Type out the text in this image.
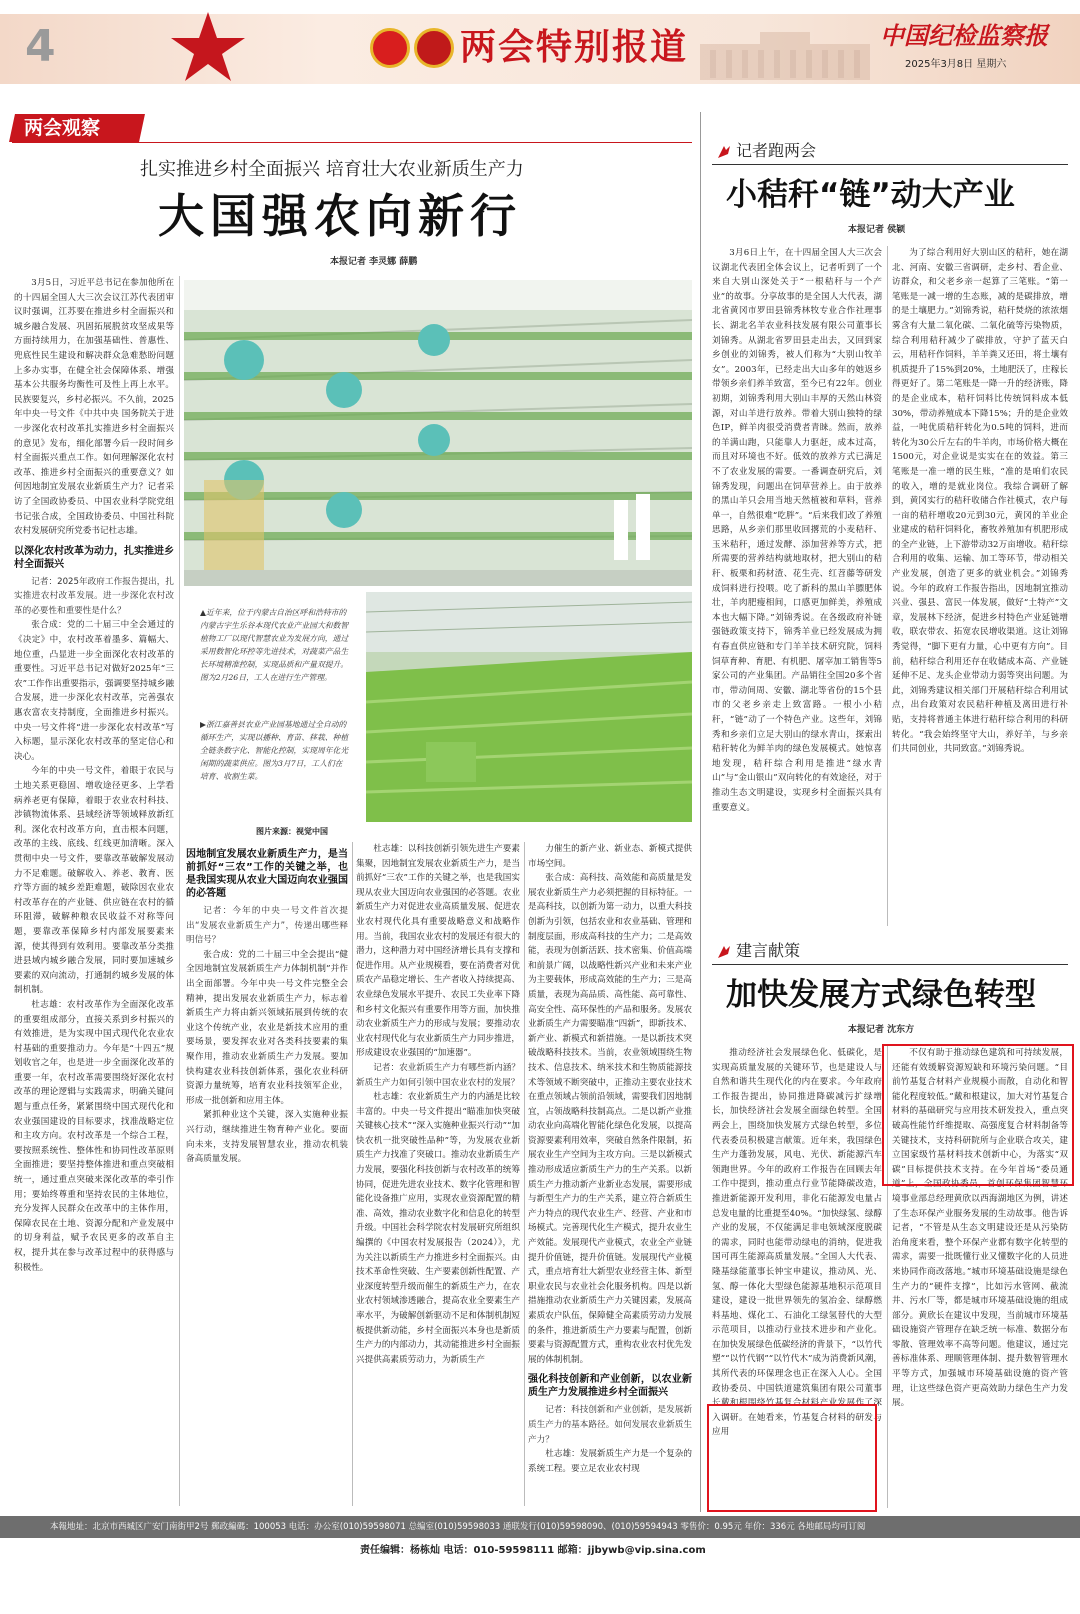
4	两会特别报道	中国纪检监察报
2025年3月8日 星期六
两会观察
扎实推进乡村全面振兴 培育壮大农业新质生产力
大国强农向新行
本报记者 李灵娜 薛鹏

3月5日，习近平总书记在参加他所在的十四届全国人大三次会议江苏代表团审议时强调，江苏要在推进乡村全面振兴和城乡融合发展、巩固拓展脱贫攻坚成果等方面持续用力，在加强基础性、普惠性、兜底性民生建设和解决群众急难愁盼问题上多办实事，在健全社会保障体系、增强基本公共服务均衡性可及性上再上水平。民族要复兴，乡村必振兴。不久前，2025年中央一号文件《中共中央 国务院关于进一步深化农村改革扎实推进乡村全面振兴的意见》发布，细化部署今后一段时间乡村全面振兴重点工作。如何理解深化农村改革、推进乡村全面振兴的重要意义？如何因地制宜发展农业新质生产力？记者采访了全国政协委员、中国农业科学院党组书记张合成，全国政协委员、中国社科院农村发展研究所党委书记杜志雄。

以深化农村改革为动力，扎实推进乡村全面振兴

记者：2025年政府工作报告提出，扎实推进农村改革发展。进一步深化农村改革的必要性和重要性是什么？

张合成：党的二十届三中全会通过的《决定》中，农村改革着墨多、篇幅大、地位重，凸显进一步全面深化农村改革的重要性。习近平总书记对做好2025年“三农”工作作出重要指示，强调要坚持城乡融合发展，进一步深化农村改革，完善强农惠农富农支持制度，全面推进乡村振兴。中央一号文件将“进一步深化农村改革”写入标题，显示深化农村改革的坚定信心和决心。

今年的中央一号文件，着眼于农民与土地关系更稳固、增收途径更多、上学看病养老更有保障，着眼于农业农村科技、涉镇物流体系、县域经济等领域释放新红利。深化农村改革方向，直击根本问题，改革的主线、底线、红线更加清晰。深入贯彻中央一号文件，要靠改革破解发展动力不足难题。破解收入、养老、教育、医疗等方面的城乡差距难题，破除因农业农村改革存在的产业链、供应链在农村的循环阻滞，破解种粮农民收益不对称等问题，要靠改革保障乡村内部发展要素来源，使其得到有效利用。要靠改革分类推进县域内城乡融合发展，同时要加速城乡要素的双向流动，打通制约城乡发展的体制机制。

杜志雄：农村改革作为全面深化改革的重要组成部分，直接关系到乡村振兴的有效推进，是为实现中国式现代化农业农村基础的重要推动力。今年是“十四五”规划收官之年，也是进一步全面深化改革的重要一年，农村改革需要围绕好深化农村改革的理论逻辑与实践需求，明确关键问题与重点任务，紧紧围绕中国式现代化和农业强国建设的目标要求，找准战略定位和主攻方向。农村改革是一个综合工程，要按照系统性、整体性和协同性改革原则全面推进；要坚持整体推进和重点突破相统一，通过重点突破来深化改革的牵引作用；要始终尊重和坚持农民的主体地位，充分发挥人民群众在改革中的主体作用，保障农民在土地、资源分配和产业发展中的切身利益，赋予农民更多的改革自主权，提升其在参与改革过程中的获得感与积极性。

▲近年来，位于内蒙古自治区呼和浩特市的内蒙古宇生乐谷本现代农业产业园大和数智植物工厂以现代智慧农业为发展方向，通过采用数智化环控等先进技术，对蔬菜产品生长环境精准控制，实现品质和产量双提升。图为2月26日，工人在进行生产管理。
▶浙江嘉善县农业产业园基地通过全自动的循环生产，实现以播种、育苗、移栽、种植全链条数字化、智能化控制，实现周年化光闲期的蔬菜供应。图为3月7日，工人们在培育、收割生菜。
图片来源：视觉中国
因地制宜发展农业新质生产力，是当前抓好“三农”工作的关键之举，也是我国实现从农业大国迈向农业强国的必答题

记者：今年的中央一号文件首次提出“发展农业新质生产力”，传递出哪些释明信号？

张合成：党的二十届三中全会提出“健全因地制宜发展新质生产力体制机制”并作出全面部署。今年中央一号文件完整全会精神，提出发展农业新质生产力，标志着新质生产力将由新兴领域拓展到传统的农业这个传统产业，农业是新技术应用的重要场景，要发挥农业对各类科技要素的集聚作用，推动农业新质生产力发展。要加快构建农业科技创新体系，强化农业科研资源力量统筹，培育农业科技领军企业，形成一批创新和应用主体。

紧抓种业这个关键，深入实施种业振兴行动，继续推进生物育种产业化。要面向未来，支持发展智慧农业，推动农机装备高质量发展。

杜志雄：以科技创新引领先进生产要素集聚，因地制宜发展农业新质生产力，是当前抓好“三农”工作的关键之举，也是我国实现从农业大国迈向农业强国的必答题。农业新质生产力对促进农业高质量发展、促进农业农村现代化具有重要战略意义和战略作用。当前，我国农业农村的发展还有很大的潜力，这种潜力对中国经济增长具有支撑和促进作用。从产业规模看，要在消费者对优质农产品稳定增长、生产者收入持续提高、农业绿色发展水平提升、农民工失业率下降和乡村文化振兴有重要作用等方面，加快推动农业新质生产力的形成与发展；要推动农业农村现代化与农业新质生产力同步推进，形成建设农业强国的“加速器”。

记者：农业新质生产力有哪些新内涵？新质生产力如何引领中国农业农村的发展？

杜志雄：农业新质生产力的内涵是比较丰富的。中央一号文件提出“瞄准加快突破关键核心技术”“深入实施种业振兴行动”“加快农机一批突破性品种”等，为发展农业新质生产力找准了突破口。推动农业新质生产力发展，要强化科技创新与农村改革的统筹协同，促进先进农业技术、数字化管理和智能化设备推广应用，实现农业资源配置的精准、高效，推动农业数字化和信息化的转型升级。中国社会科学院农村发展研究所组织编撰的《中国农村发展报告（2024）》，尤为关注以新质生产力推进乡村全面振兴。由技术革命性突破、生产要素创新性配置、产业深度转型升级而催生的新质生产力，在农业农村领域渗透融合，提高农业全要素生产率水平，为破解创新驱动不足和体制机制短板提供新动能，乡村全面振兴本身也是新质生产力的内部动力，其动能推进乡村全面振兴提供高素质劳动力，为新质生产

力催生的新产业、新业态、新模式提供市场空间。

张合成：高科技、高效能和高质量是发展农业新质生产力必须把握的目标特征。一是高科技，以创新为第一动力，以重大科技创新为引领，包括农业和农业基础、管理和制度层面，形成高科技的生产力；二是高效能，表现为创新活跃、技术密集、价值高端和前景广阔，以战略性新兴产业和未来产业为主要载体，形成高效能的生产力；三是高质量，表现为高品质、高性能、高可靠性、高安全性、高环保性的产品和服务。发展农业新质生产力需要瞄准“四新”，即新技术、新产业、新模式和新措施。一是以新技术突破战略科技技术。当前，农业领域围绕生物技术、信息技术、纳米技术和生物质能源技术等领域不断突破中，正推动主要农业技术在重点领域占领前沿领域，需要我们因地制宜，占领战略科技制高点。二是以新产业推动农业向高端化智能化绿色化发展，以提高资源要素利用效率，突破自然条件限制，拓展农业生产空间为主攻方向。三是以新模式推动形成适应新质生产力的生产关系。以新质生产力推动新产业新业态发展，需要形成与新型生产力的生产关系，建立符合新质生产力特点的现代农业生产、经营、产业和市场模式。完善现代化生产模式，提升农业生产效能。发展现代产业模式，农业全产业链提升价值链，提升价值链。发展现代产业模式，重点培育壮大新型农业经营主体、新型职业农民与农业社会化服务机构。四是以新措施推动农业新质生产力关键因素，发展高素质农户队伍，保障健全高素质劳动力发展的条件，推进新质生产力要素与配置，创新要素与资源配置方式，重构农业农村优先发展的体制机制。

强化科技创新和产业创新，以农业新质生产力发展推进乡村全面振兴

记者：科技创新和产业创新，是发展新质生产力的基本路径。如何发展农业新质生产力？

杜志雄：发展新质生产力是一个复杂的系统工程。要立足农业农村现

记者跑两会
小秸秆“链”动大产业
本报记者 侯颖

3月6日上午，在十四届全国人大三次会议湖北代表团全体会议上，记者听到了一个来自大别山深处关于“一根秸秆与一个产业”的故事。分享故事的是全国人大代表，湖北省黄冈市罗田县锦秀林牧专业合作社理事长、湖北名羊农业科技发展有限公司董事长刘锦秀。从湖北省罗田县走出去，又回到家乡创业的刘锦秀，被人们称为“大别山牧羊女”。2003年，已经走出大山多年的她返乡带领乡亲们养羊致富，至今已有22年。创业初期，刘锦秀利用大别山丰厚的天然山林资源，对山羊进行放养。带着大别山独特的绿色IP，鲜羊肉很受消费者青睐。然而，放养的羊满山跑，只能靠人力驱赶，成本过高，而且对环境也不好。低效的放养方式已满足不了农业发展的需要。一番调查研究后，刘锦秀发现，问题出在饲草营养上。由于放养的黑山羊只会用当地天然植被和草料，营养单一，自然很难“吃胖”。“后来我们改了养殖思路，从乡亲们那里收回撂荒的小麦秸秆、玉米秸秆，通过发酵、添加营养等方式，把所需要的营养结构就地取材，把大别山的秸秆、板栗和药材渣、花生壳、红苕藤等研发成饲料进行投喂。吃了新科的黑山羊膘肥体壮，羊肉肥瘦相间，口感更加鲜美，养殖成本也大幅下降。”刘锦秀说。在各级政府补链强链政策支持下，锦秀羊业已经发展成为拥有春直供应链和专门羊羊技术研究院，饲料饲草育种、育肥、有机肥、屠宰加工销售等5家公司的产业集团。产品销往全国20多个省市，带动间周、安徽、湖北等省份的15个县市的父老乡亲走上致富路。一根小小秸秆，“链”动了一个特色产业。这些年，刘锦秀和乡亲们立足大别山的绿水青山，探索出秸秆转化为鲜羊肉的绿色发展模式。她惊喜地发现，秸秆综合利用是推进“绿水青山”与“金山银山”双向转化的有效途径，对于推动生态文明建设，实现乡村全面振兴具有重要意义。

为了综合利用好大别山区的秸秆，她在湖北、河南、安徽三省调研，走乡村、看企业、访群众，和父老乡亲一起算了三笔账。“第一笔账是一减一增的生态账，减的是碳排放，增的是土壤肥力。”刘锦秀说，秸秆焚烧的浓浓烟雾含有大量二氧化碳、二氧化硫等污染物质，综合利用秸秆减少了碳排放，守护了蓝天白云，用秸秆作饲料，羊羊粪又还田，将土壤有机质提升了15%到20%，土地肥沃了，庄稼长得更好了。第二笔账是一降一升的经济账，降的是企业成本，秸秆饲料比传统饲料成本低30%，带动养殖成本下降15%；升的是企业效益，一吨优质秸秆转化为0.5吨的饲料，进而转化为30公斤左右的牛羊肉，市场价格大概在1500元，对企业说是实实在在的效益。第三笔账是一准一增的民生账，“准的是咱们农民的收入，增的是就业岗位。我综合调研了解到，黄冈实行的秸秆收储合作社模式，农户每一亩的秸秆增收20元到30元，黄冈的羊业企业建成的秸秆饲料化，畜牧养殖加有机肥形成的全产业链，上下游带动32万亩增收。秸秆综合利用的收集、运输、加工等环节，带动相关产业发展，创造了更多的就业机会。”刘锦秀说。今年的政府工作报告指出，因地制宜推动兴业、强县、富民一体发展，做好“土特产”文章，发展林下经济，促进乡村特色产业延链增收，联农带农、拓宽农民增收渠道。这让刘锦秀觉得，“脚下更有力量，心中更有方向”。目前，秸秆综合利用还存在收储成本高、产业链延伸不足、龙头企业带动力弱等突出问题。为此，刘锦秀建议相关部门开展秸秆综合利用试点，出台政策对农民秸秆种植及离田进行补贴，支持将普通主体进行秸秆综合利用的科研转化。“我会始终坚守大山，养好羊，与乡亲们共同创业，共同致富。”刘锦秀说。

建言献策
加快发展方式绿色转型
本报记者 沈东方

推动经济社会发展绿色化、低碳化，是实现高质量发展的关键环节，也是建设人与自然和谐共生现代化的内在要求。今年政府工作报告提出，协同推进降碳减污扩绿增长，加快经济社会发展全面绿色转型。全国两会上，围绕加快发展方式绿色转型，多位代表委员积极建言献策。近年来，我国绿色生产力蓬勃发展，风电、光伏、新能源汽车领跑世界。今年的政府工作报告在回顾去年工作中提到，推动重点行业节能降碳改造，推进新能源开发利用，非化石能源发电量占总发电量的比重提至40%。“加快绿氢、绿醇产业的发展，不仅能满足非电领域深度脱碳的需求，同时也能带动绿电的消纳，促进我国可再生能源高质量发展。”全国人大代表、隆基绿能董事长钟宝申建议，推动风、光、氢、醇一体化大型绿色能源基地积示范项目建设，建设一批世界领先的氢冶金、绿醇燃料基地、煤化工、石油化工绿氢替代的大型示范项目，以推动行业技术进步和产业化。在加快发展绿色低碳经济的背景下，“以竹代塑”“以竹代钢”“以竹代木”成为消费新风潮，其所代表的环保理念也正在深入人心。全国政协委员、中国铁道建筑集团有限公司董事长戴和根围绕竹基复合材料产业发展作了深入调研。在她看来，竹基复合材料的研发与应用

不仅有助于推动绿色建筑和可持续发展，还能有效缓解资源短缺和环境污染问题。“目前竹基复合材料产业规模小而散，自动化和智能化程度较低。”戴和根建议，加大对竹基复合材料的基础研究与应用技术研发投入，重点突破高性能竹纤维提取、高强度复合材料制备等关键技术，支持科研院所与企业联合攻关，建立国家级竹基材料技术创新中心，为落实“双碳”目标提供技术支持。在今年首场“委员通道”上，全国政协委员，首创环保集团智慧环境事业部总经理黄欣以西海湖地区为例，讲述了生态环保产业服务发展的生动故事。他告诉记者，“不管是从生态文明建设还是从污染防治角度来看，整个环保产业都有数字化转型的需求，需要一批既懂行业又懂数字化的人员进来协同作商改落地。”城市环境基础设施是绿色生产力的“硬件支撑”，比如污水管网、截流井、污水厂等，都是城市环境基础设施的组成部分。黄欣长在建议中发现，当前城市环境基础设施资产管理存在缺乏统一标准、数据分布零散、管理效率不高等问题。他建议，通过完善标准体系、理顺管理体制、提升数智管理水平等方式，加强城市环境基础设施的资产管理，让这些绿色资产更高效助力绿色生产力发展。

本報地址：北京市西城区广安门南街甲2号 郵政編碼：100053 电话：办公室(010)59598071 总编室(010)59598033 通联发行(010)59598090、(010)59594943 零售价：0.95元 年价：336元 各地邮局均可订阅
责任编辑：杨栋灿 电话：010-59598111 邮箱：jjbywb@vip.sina.com
